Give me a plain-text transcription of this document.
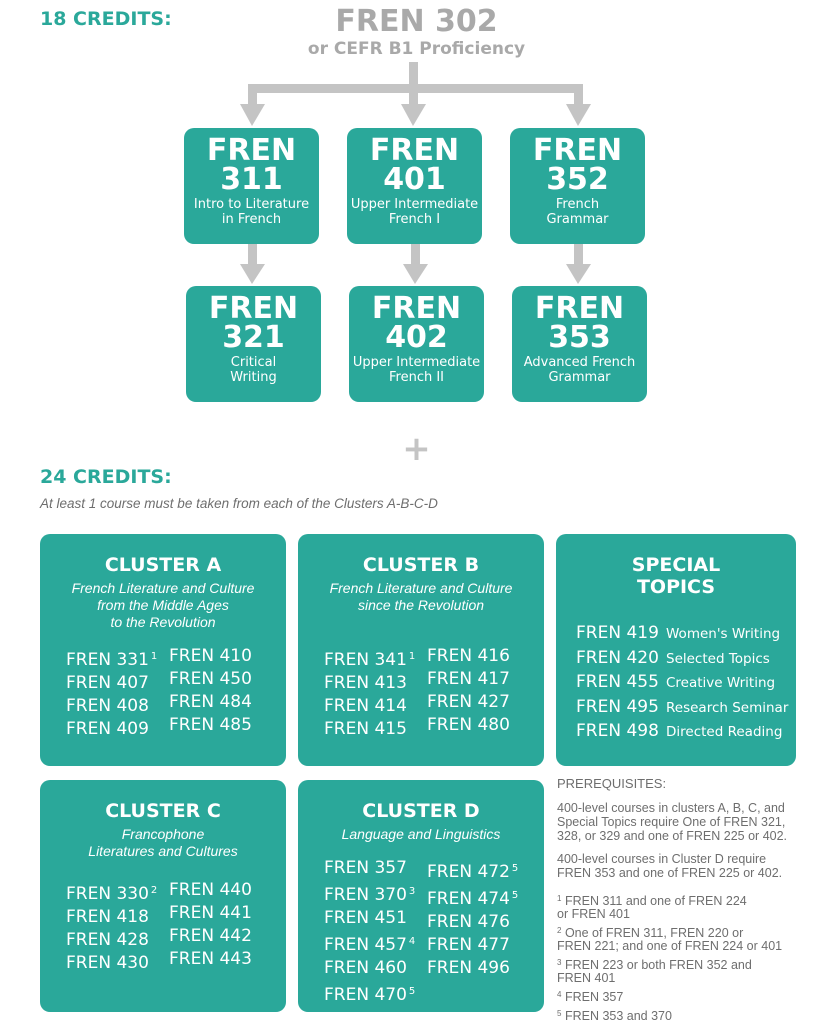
18 CREDITS:	FREN 302
or CEFR B1 Proficiency
FREN
311
Intro to Literature
in French
FREN
401
Upper Intermediate
French I
FREN
352
French
Grammar
FREN
321
Critical
Writing
FREN
402
Upper Intermediate
French II
FREN
353
Advanced French
Grammar
+
24 CREDITS:
At least 1 course must be taken from each of the Clusters A-B-C-D
CLUSTER A
French Literature and Culture
from the Middle Ages
to the Revolution
FREN 331 $^1$
FREN 407
FREN 408
FREN 409
FREN 410
FREN 450
FREN 484
FREN 485
CLUSTER B
French Literature and Culture
since the Revolution
FREN 341 $^1$
FREN 413
FREN 414
FREN 415
FREN 416
FREN 417
FREN 427
FREN 480
SPECIAL
TOPICS
FREN 419 Women's Writing
FREN 420 Selected Topics
FREN 455 Creative Writing
FREN 495 Research Seminar
FREN 498 Directed Reading
CLUSTER C
Francophone
Literatures and Cultures
FREN 330 $^2$
FREN 418
FREN 428
FREN 430
FREN 440
FREN 441
FREN 442
FREN 443
CLUSTER D
Language and Linguistics
FREN 357
FREN 370 $^3$
FREN 451
FREN 457 $^4$
FREN 460
FREN 470 $^5$
FREN 472 $^5$
FREN 474 $^5$
FREN 476
FREN 477
FREN 496
PREREQUISITES:
400-level courses in clusters A, B, C, and
Special Topics require One of FREN 321,
328, or 329 and one of FREN 225 or 402.
400-level courses in Cluster D require
FREN 353 and one of FREN 225 or 402.
$^1$ FREN 311 and one of FREN 224
or FREN 401
$^2$ One of FREN 311, FREN 220 or
FREN 221; and one of FREN 224 or 401
$^3$ FREN 223 or both FREN 352 and
FREN 401
$^4$ FREN 357
$^5$ FREN 353 and 370
